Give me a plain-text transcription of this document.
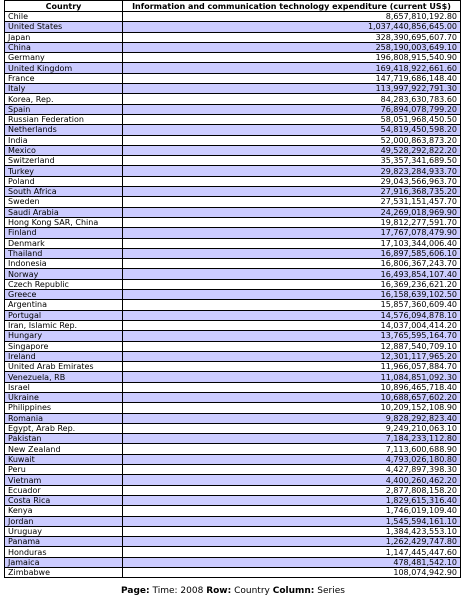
Country	Information and communication technology expenditure (current US$)
Chile	8,657,810,192.80
United States	1,037,440,856,645.00
Japan	328,390,695,607.70
China	258,190,003,649.10
Germany	196,808,915,540.90
United Kingdom	169,418,922,661.60
France	147,719,686,148.40
Italy	113,997,922,791.30
Korea, Rep.	84,283,630,783.60
Spain	76,894,078,799.20
Russian Federation	58,051,968,450.50
Netherlands	54,819,450,598.20
India	52,000,863,873.20
Mexico	49,528,292,822.20
Switzerland	35,357,341,689.50
Turkey	29,823,284,933.70
Poland	29,043,566,963.70
South Africa	27,916,368,735.20
Sweden	27,531,151,457.70
Saudi Arabia	24,269,018,969.90
Hong Kong SAR, China	19,812,277,591.70
Finland	17,767,078,479.90
Denmark	17,103,344,006.40
Thailand	16,897,585,606.10
Indonesia	16,806,367,243.70
Norway	16,493,854,107.40
Czech Republic	16,369,236,621.20
Greece	16,158,639,102.50
Argentina	15,857,360,609.40
Portugal	14,576,094,878.10
Iran, Islamic Rep.	14,037,004,414.20
Hungary	13,765,595,164.70
Singapore	12,887,540,709.10
Ireland	12,301,117,965.20
United Arab Emirates	11,966,057,884.70
Venezuela, RB	11,084,851,092.30
Israel	10,896,465,718.40
Ukraine	10,688,657,602.20
Philippines	10,209,152,108.90
Romania	9,828,292,823.40
Egypt, Arab Rep.	9,249,210,063.10
Pakistan	7,184,233,112.80
New Zealand	7,113,600,688.90
Kuwait	4,793,026,180.80
Peru	4,427,897,398.30
Vietnam	4,400,260,462.20
Ecuador	2,877,808,158.20
Costa Rica	1,829,615,316.40
Kenya	1,746,019,109.40
Jordan	1,545,594,161.10
Uruguay	1,384,423,553.10
Panama	1,262,429,747.80
Honduras	1,147,445,447.60
Jamaica	478,481,542.10
Zimbabwe	108,074,942.90
Page: Time: 2008 Row: Country Column: Series
